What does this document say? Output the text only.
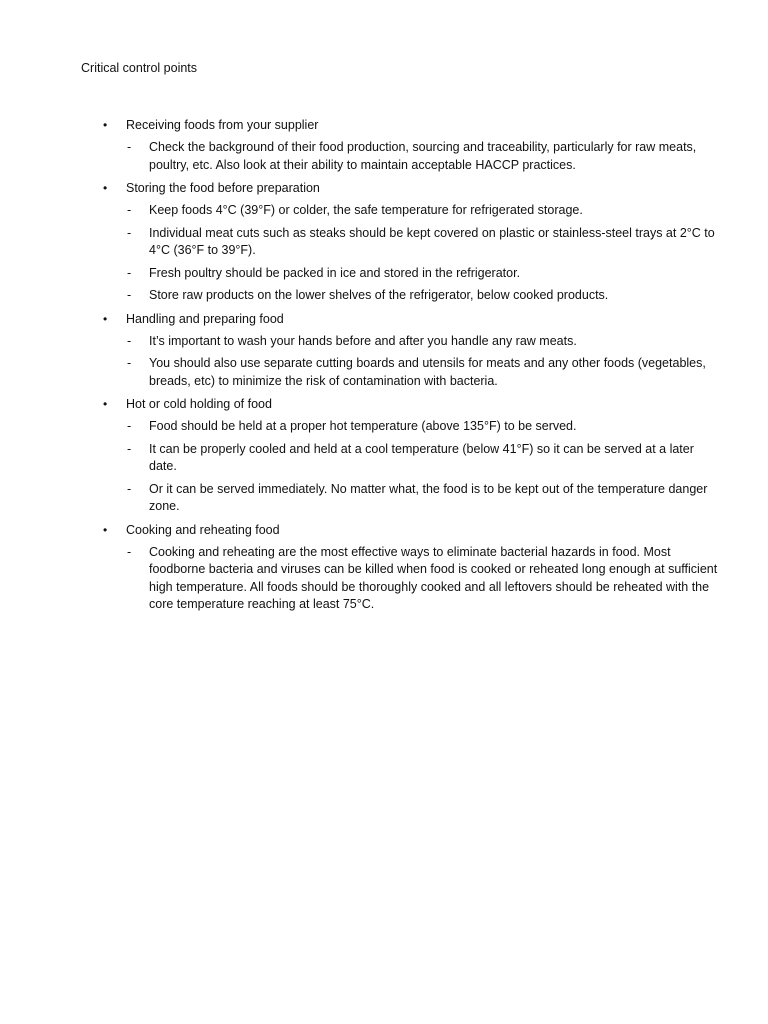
Critical control points

• Receiving foods from your supplier
- Check the background of their food production, sourcing and traceability, particularly for raw meats, poultry, etc. Also look at their ability to maintain acceptable HACCP practices.
• Storing the food before preparation
- Keep foods 4°C (39°F) or colder, the safe temperature for refrigerated storage.
- Individual meat cuts such as steaks should be kept covered on plastic or stainless-steel trays at 2°C to 4°C (36°F to 39°F).
- Fresh poultry should be packed in ice and stored in the refrigerator.
- Store raw products on the lower shelves of the refrigerator, below cooked products.
• Handling and preparing food
- It’s important to wash your hands before and after you handle any raw meats.
- You should also use separate cutting boards and utensils for meats and any other foods (vegetables, breads, etc) to minimize the risk of contamination with bacteria.
• Hot or cold holding of food
- Food should be held at a proper hot temperature (above 135°F) to be served.
- It can be properly cooled and held at a cool temperature (below 41°F) so it can be served at a later date.
- Or it can be served immediately. No matter what, the food is to be kept out of the temperature danger zone.
• Cooking and reheating food
- Cooking and reheating are the most effective ways to eliminate bacterial hazards in food. Most foodborne bacteria and viruses can be killed when food is cooked or reheated long enough at sufficient high temperature. All foods should be thoroughly cooked and all leftovers should be reheated with the core temperature reaching at least 75°C.
